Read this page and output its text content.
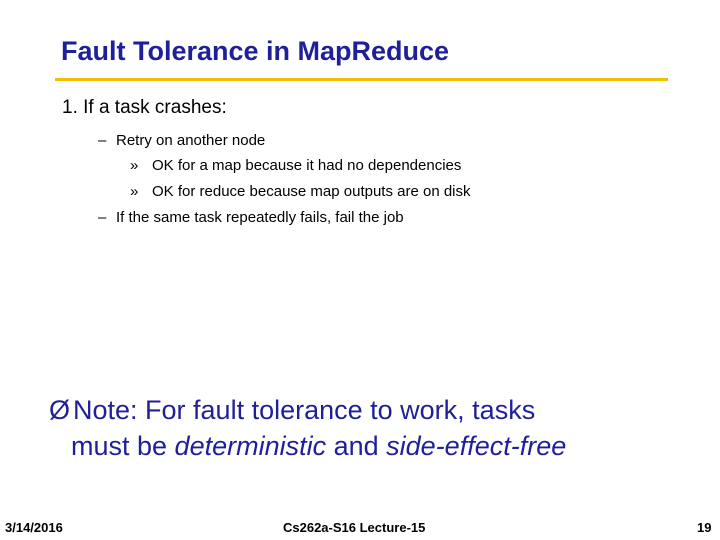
Fault Tolerance in MapReduce
1. If a task crashes:
– Retry on another node
» OK for a map because it had no dependencies
» OK for reduce because map outputs are on disk
– If the same task repeatedly fails, fail the job
Ø Note: For fault tolerance to work, tasks
must be deterministic and side-effect-free
3/14/2016	Cs262a-S16 Lecture-15	19
